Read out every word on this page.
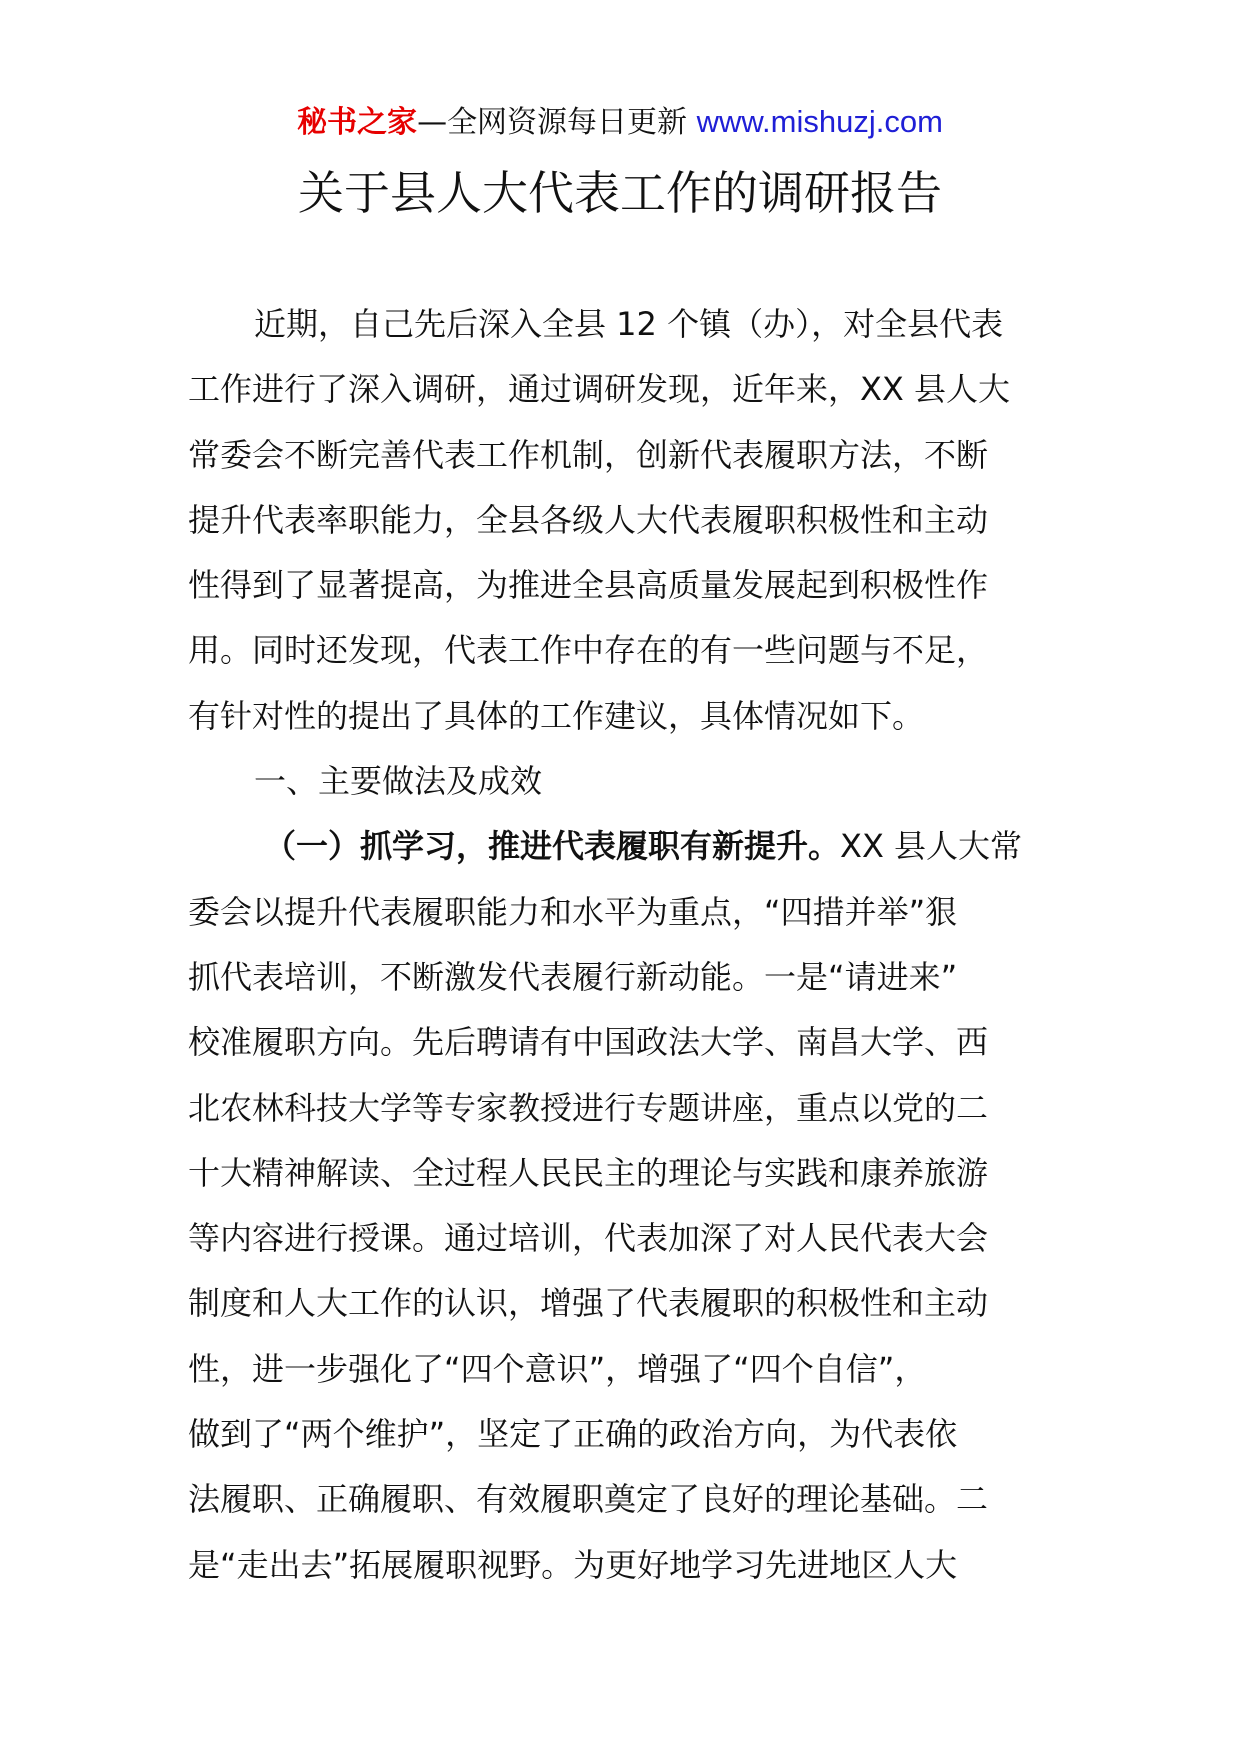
秘书之家—全网资源每日更新 www.mishuzj.com
关于县人大代表工作的调研报告
近期，自己先后深入全县 12 个镇（办），对全县代表
工作进行了深入调研，通过调研发现，近年来，XX 县人大
常委会不断完善代表工作机制，创新代表履职方法，不断
提升代表率职能力，全县各级人大代表履职积极性和主动
性得到了显著提高，为推进全县高质量发展起到积极性作
用。同时还发现，代表工作中存在的有一些问题与不足，
有针对性的提出了具体的工作建议，具体情况如下。
一、主要做法及成效
（一）抓学习，推进代表履职有新提升。XX 县人大常
委会以提升代表履职能力和水平为重点，“四措并举”狠
抓代表培训，不断激发代表履行新动能。一是“请进来”
校准履职方向。先后聘请有中国政法大学、南昌大学、西
北农林科技大学等专家教授进行专题讲座，重点以党的二
十大精神解读、全过程人民民主的理论与实践和康养旅游
等内容进行授课。通过培训，代表加深了对人民代表大会
制度和人大工作的认识，增强了代表履职的积极性和主动
性，进一步强化了“四个意识”，增强了“四个自信”，
做到了“两个维护”，坚定了正确的政治方向，为代表依
法履职、正确履职、有效履职奠定了良好的理论基础。二
是“走出去”拓展履职视野。为更好地学习先进地区人大
